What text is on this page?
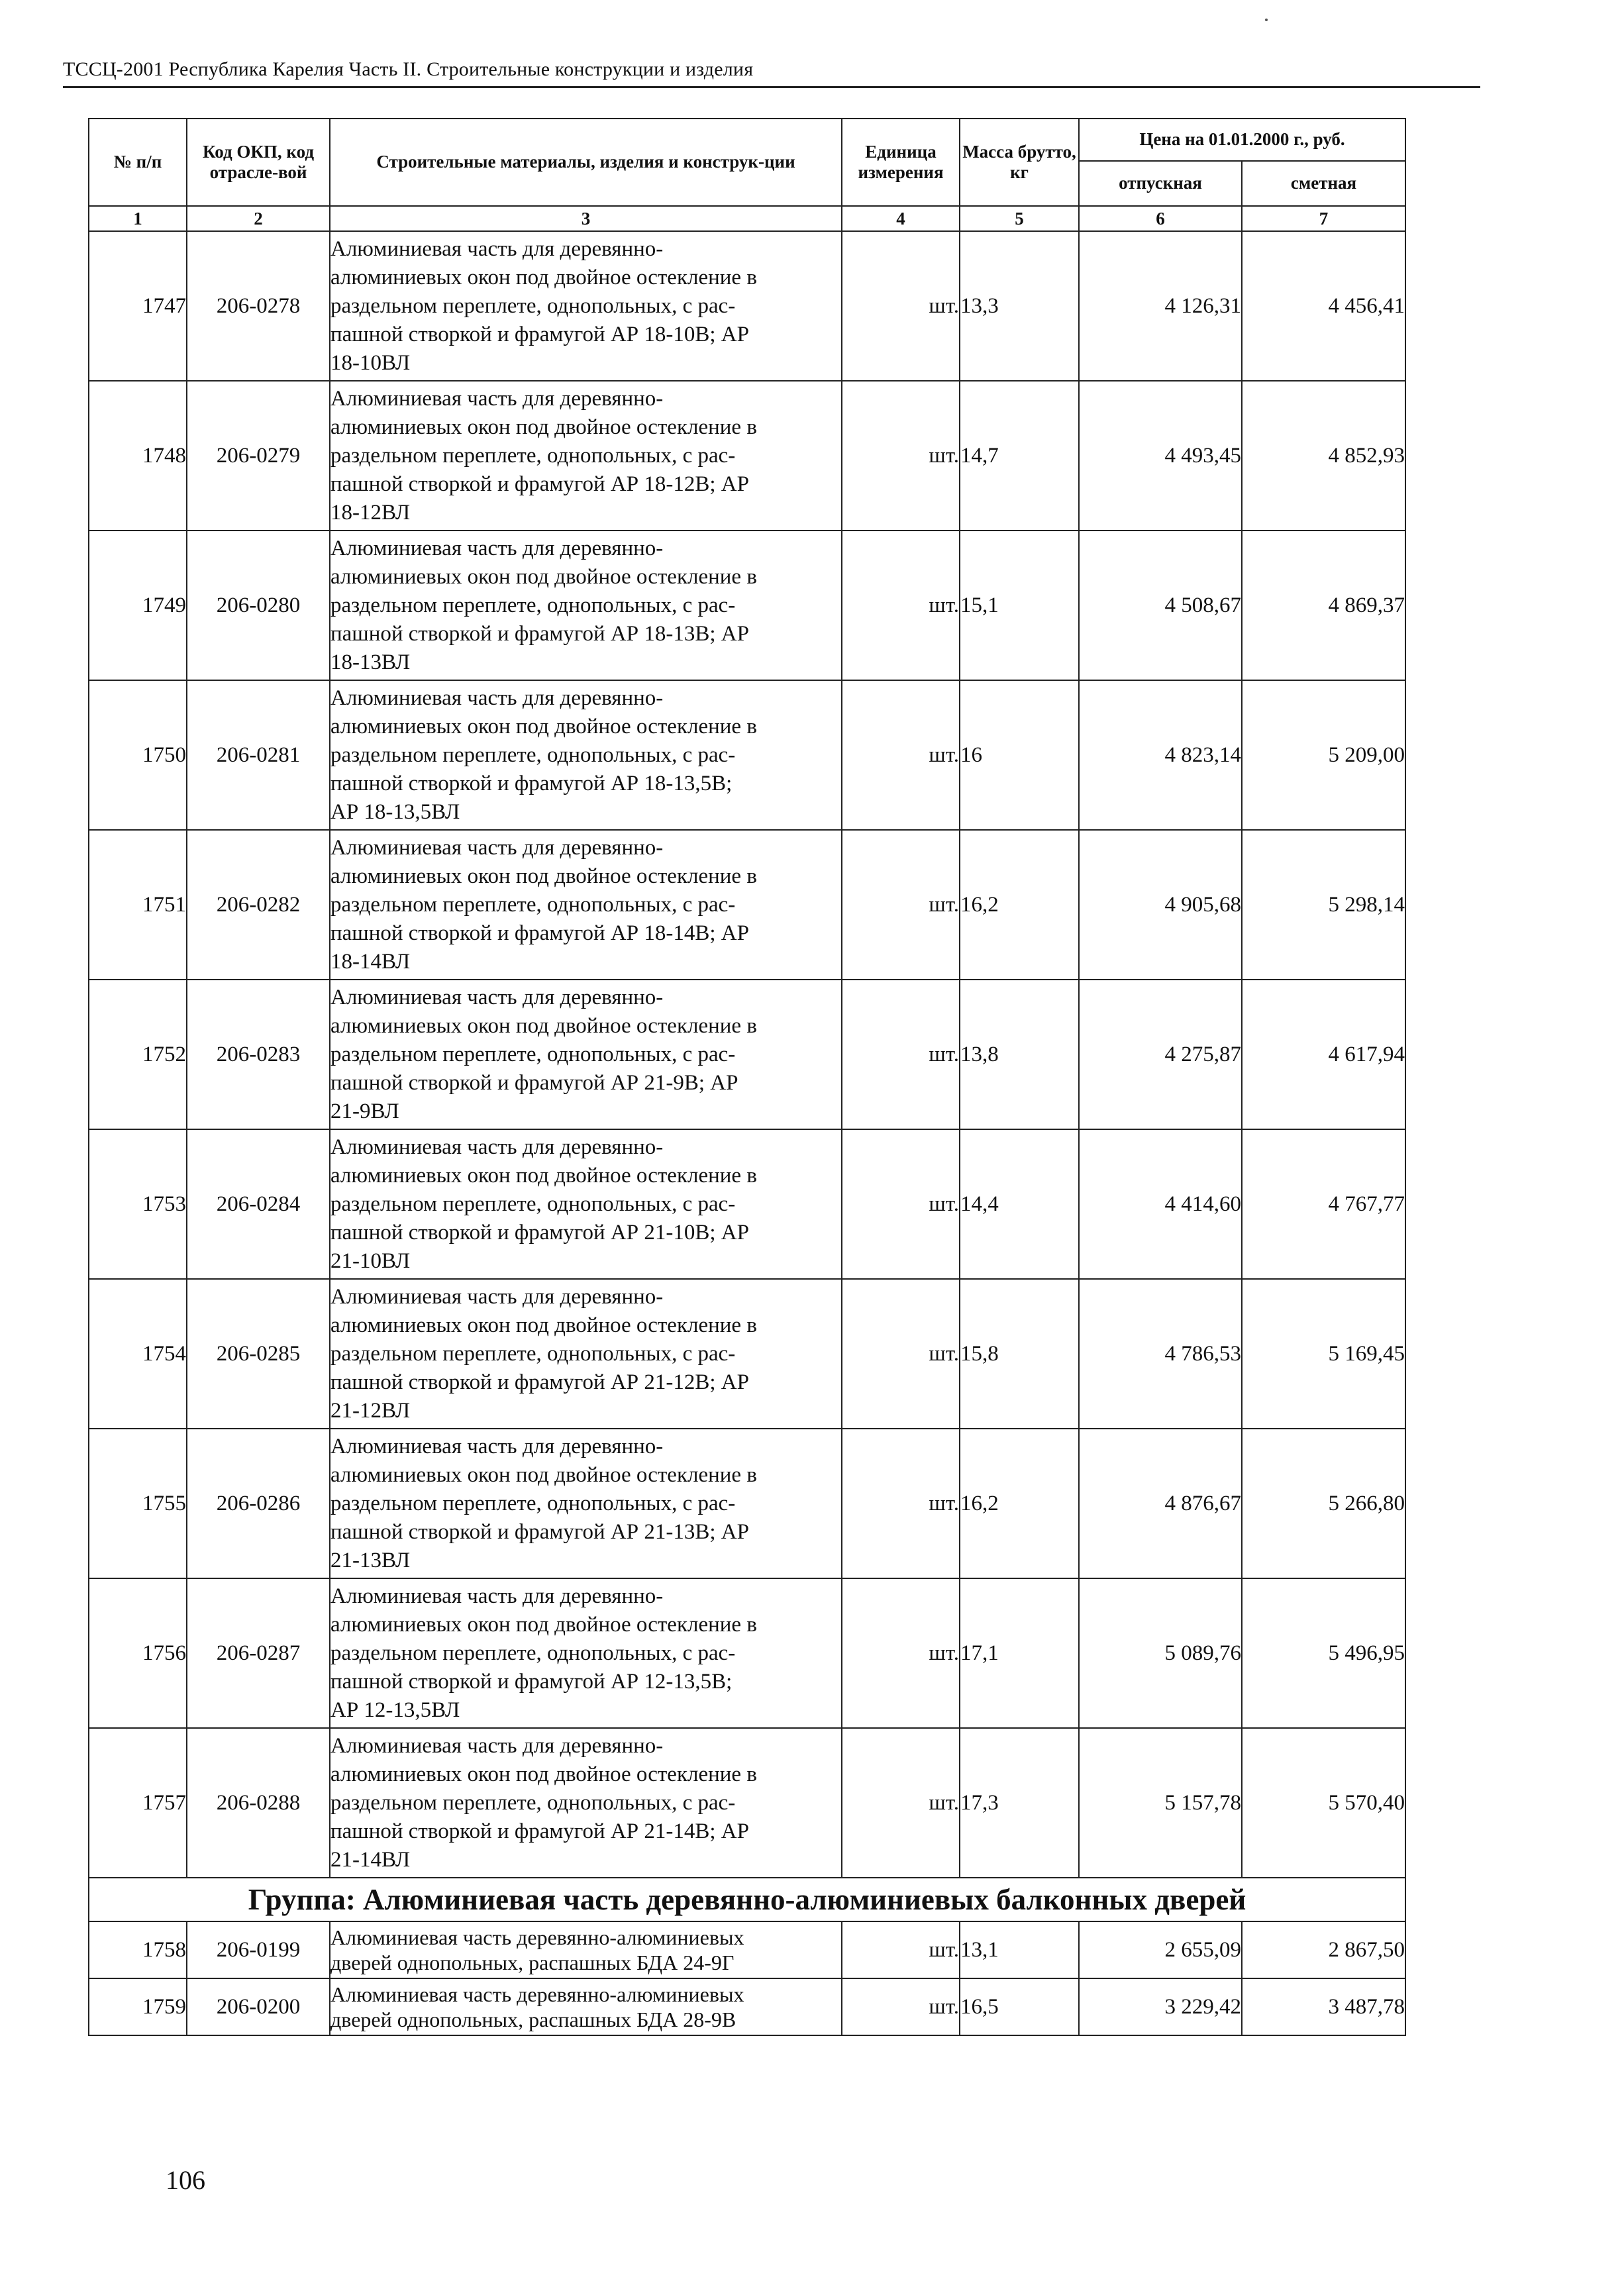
ТССЦ-2001 Республика Карелия Часть II. Строительные конструкции и изделия
№ п/п	Код ОКП, код отрасле-вой	Строительные материалы, изделия и конструк-ции	Единица измерения	Масса брутто, кг	Цена на 01.01.2000 г., руб.	
					отпускная	сметная
1	2	3	4	5	6	7
1747	206-0278	Алюминиевая часть для деревянно-
алюминиевых окон под двойное остекление в
раздельном переплете, однопольных, с рас-
пашной створкой и фрамугой АР 18-10В; АР
18-10ВЛ	шт.	13,3	4 126,31	4 456,41
1748	206-0279	Алюминиевая часть для деревянно-
алюминиевых окон под двойное остекление в
раздельном переплете, однопольных, с рас-
пашной створкой и фрамугой АР 18-12В; АР
18-12ВЛ	шт.	14,7	4 493,45	4 852,93
1749	206-0280	Алюминиевая часть для деревянно-
алюминиевых окон под двойное остекление в
раздельном переплете, однопольных, с рас-
пашной створкой и фрамугой АР 18-13В; АР
18-13ВЛ	шт.	15,1	4 508,67	4 869,37
1750	206-0281	Алюминиевая часть для деревянно-
алюминиевых окон под двойное остекление в
раздельном переплете, однопольных, с рас-
пашной створкой и фрамугой АР 18-13,5В;
АР 18-13,5ВЛ	шт.	16	4 823,14	5 209,00
1751	206-0282	Алюминиевая часть для деревянно-
алюминиевых окон под двойное остекление в
раздельном переплете, однопольных, с рас-
пашной створкой и фрамугой АР 18-14В; АР
18-14ВЛ	шт.	16,2	4 905,68	5 298,14
1752	206-0283	Алюминиевая часть для деревянно-
алюминиевых окон под двойное остекление в
раздельном переплете, однопольных, с рас-
пашной створкой и фрамугой АР 21-9В; АР
21-9ВЛ	шт.	13,8	4 275,87	4 617,94
1753	206-0284	Алюминиевая часть для деревянно-
алюминиевых окон под двойное остекление в
раздельном переплете, однопольных, с рас-
пашной створкой и фрамугой АР 21-10В; АР
21-10ВЛ	шт.	14,4	4 414,60	4 767,77
1754	206-0285	Алюминиевая часть для деревянно-
алюминиевых окон под двойное остекление в
раздельном переплете, однопольных, с рас-
пашной створкой и фрамугой АР 21-12В; АР
21-12ВЛ	шт.	15,8	4 786,53	5 169,45
1755	206-0286	Алюминиевая часть для деревянно-
алюминиевых окон под двойное остекление в
раздельном переплете, однопольных, с рас-
пашной створкой и фрамугой АР 21-13В; АР
21-13ВЛ	шт.	16,2	4 876,67	5 266,80
1756	206-0287	Алюминиевая часть для деревянно-
алюминиевых окон под двойное остекление в
раздельном переплете, однопольных, с рас-
пашной створкой и фрамугой АР 12-13,5В;
АР 12-13,5ВЛ	шт.	17,1	5 089,76	5 496,95
1757	206-0288	Алюминиевая часть для деревянно-
алюминиевых окон под двойное остекление в
раздельном переплете, однопольных, с рас-
пашной створкой и фрамугой АР 21-14В; АР
21-14ВЛ	шт.	17,3	5 157,78	5 570,40
Группа: Алюминиевая часть деревянно-алюминиевых балконных дверей						
1758	206-0199	Алюминиевая часть деревянно-алюминиевых
дверей однопольных, распашных БДА 24-9Г	шт.	13,1	2 655,09	2 867,50
1759	206-0200	Алюминиевая часть деревянно-алюминиевых
дверей однопольных, распашных БДА 28-9В	шт.	16,5	3 229,42	3 487,78
106
